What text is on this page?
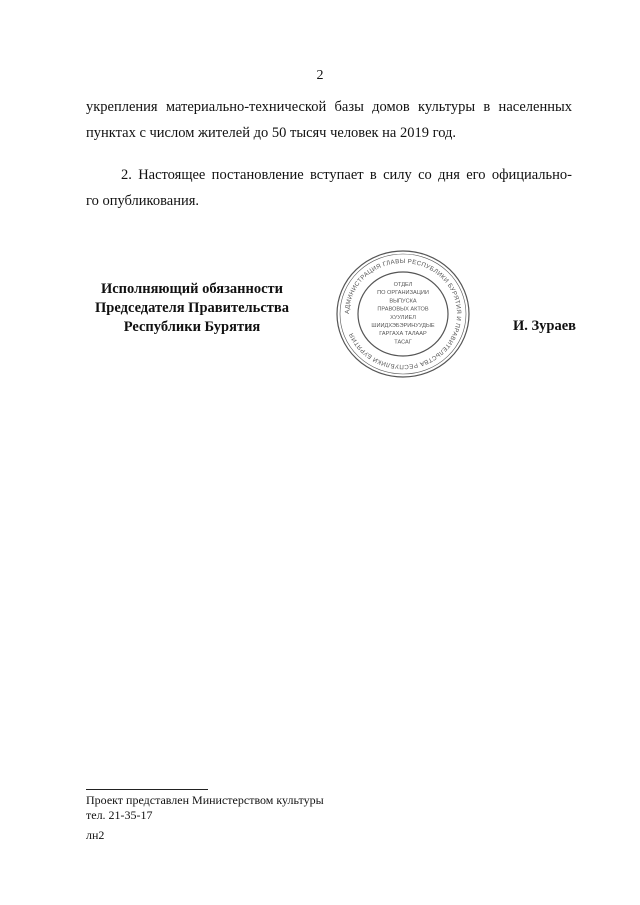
2
укрепления материально-технической базы домов культуры в населенных
пунктах с числом жителей до 50 тысяч человек на 2019 год.
2. Настоящее постановление вступает в силу со дня его официально-
го опубликования.
Исполняющий обязанности
Председателя Правительства
Республики Бурятия
АДМИНИСТРАЦИЯ ГЛАВЫ РЕСПУБЛИКИ БУРЯТИЯ И ПРАВИТЕЛЬСТВА РЕСПУБЛИКИ БУРЯТИЯ
ОТДЕЛ
ПО ОРГАНИЗАЦИИ
ВЫПУСКА
ПРАВОВЫХ АКТОВ
ХУУЛИЕЛ
ШИИДХЭБЭРИНУУДЫЕ
ГАРГАХА ТАЛААР
ТАСАГ
И. Зураев
Проект представлен Министерством культуры
тел. 21-35-17
лн2
